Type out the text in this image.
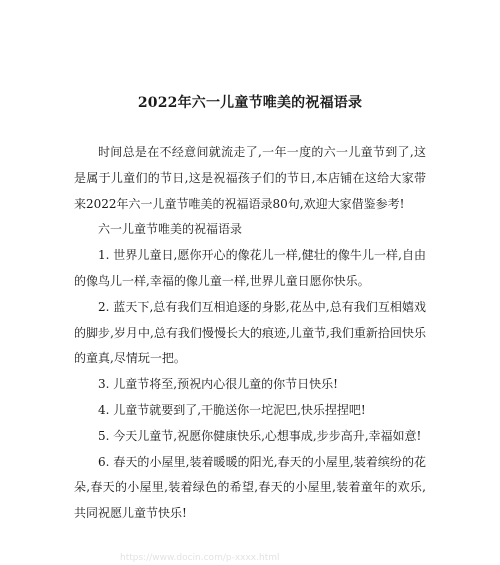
2022年六一儿童节唯美的祝福语录

时间总是在不经意间就流走了,一年一度的六一儿童节到了,这是属于儿童们的节日,这是祝福孩子们的节日,本店铺在这给大家带来2022年六一儿童节唯美的祝福语录80句,欢迎大家借鉴参考!

六一儿童节唯美的祝福语录

1. 世界儿童日,愿你开心的像花儿一样,健壮的像牛儿一样,自由的像鸟儿一样,幸福的像儿童一样,世界儿童日愿你快乐。

2. 蓝天下,总有我们互相追逐的身影,花丛中,总有我们互相嬉戏的脚步,岁月中,总有我们慢慢长大的痕迹,儿童节,我们重新拾回快乐的童真,尽情玩一把。

3. 儿童节将至,预祝内心很儿童的你节日快乐!

4. 儿童节就要到了,干脆送你一坨泥巴,快乐捏捏吧!

5. 今天儿童节,祝愿你健康快乐,心想事成,步步高升,幸福如意!

6. 春天的小屋里,装着暖暖的阳光,春天的小屋里,装着缤纷的花朵,春天的小屋里,装着绿色的希望,春天的小屋里,装着童年的欢乐,共同祝愿儿童节快乐!

https://www.docin.com/p-xxxx.html
